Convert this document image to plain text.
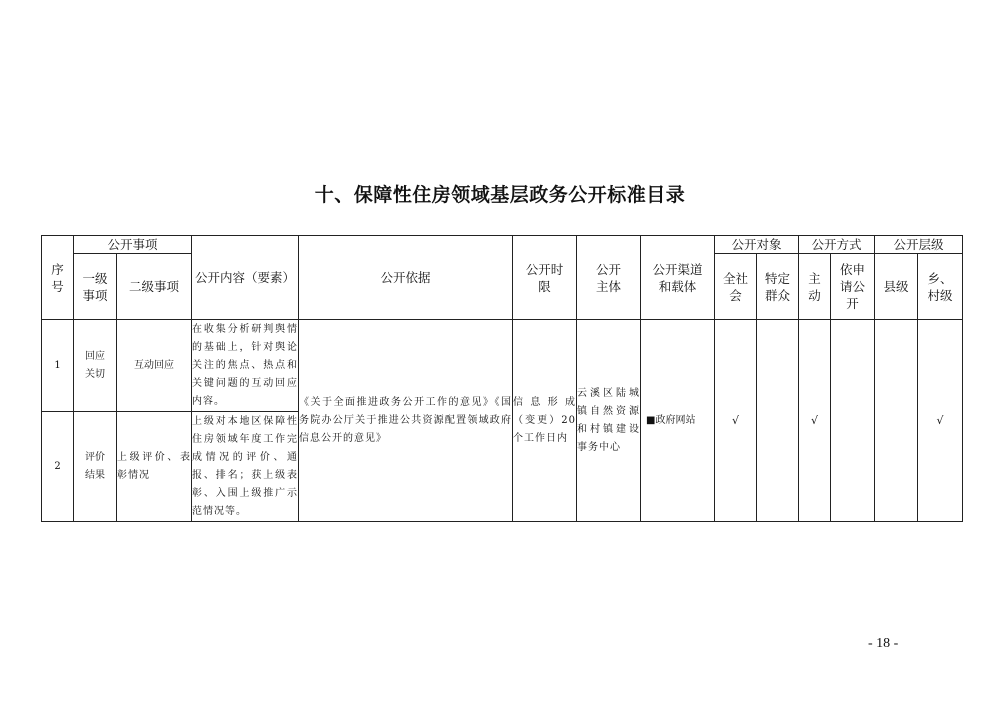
十、保障性住房领域基层政务公开标准目录
序号	公开事项		公开内容（要素）	公开依据	公开时限	公开主体	公开渠道和载体	公开对象		公开方式		公开层级	
	一级事项	二级事项						全社会	特定群众	主动	依申请公开	县级	乡、村级
1	回应关切	互动回应	在收集分析研判舆情的基础上，针对舆论关注的焦点、热点和关键问题的互动回应内容。	《关于全面推进政务公开工作的意见》《国务院办公厅关于推进公共资源配置领域政府信息公开的意见》	信息形成（变更）20个工作日内	云溪区陆城镇自然资源和村镇建设事务中心	■政府网站	√		√			√
2	评价结果	上级评价、表彰情况	上级对本地区保障性住房领域年度工作完成情况的评价、通报、排名；获上级表彰、入围上级推广示范情况等。										
- 18 -
